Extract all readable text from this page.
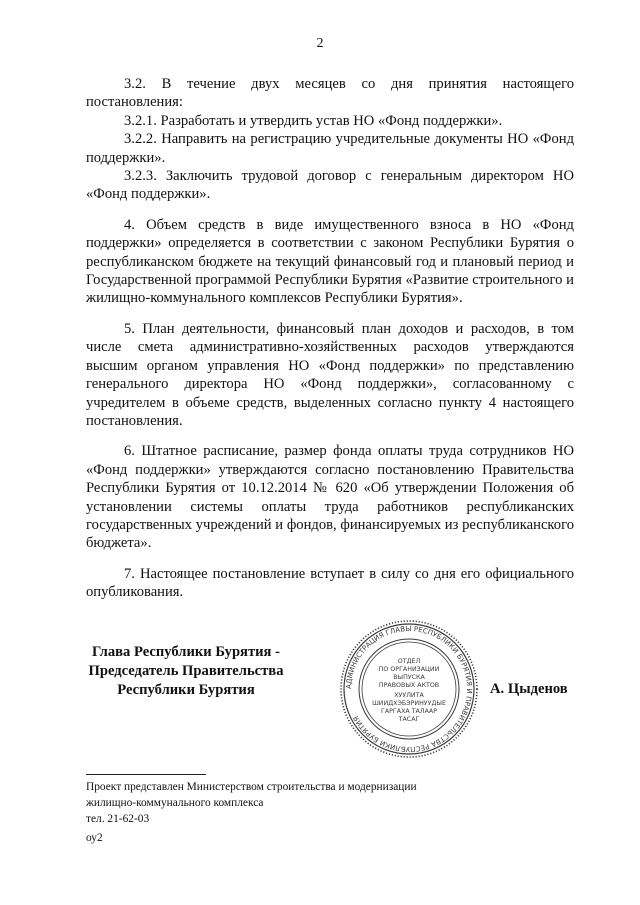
2

3.2. В течение двух месяцев со дня принятия настоящего постановления:

3.2.1. Разработать и утвердить устав НО «Фонд поддержки».

3.2.2. Направить на регистрацию учредительные документы НО «Фонд поддержки».

3.2.3. Заключить трудовой договор с генеральным директором НО «Фонд поддержки».

4. Объем средств в виде имущественного взноса в НО «Фонд поддержки» определяется в соответствии с законом Республики Бурятия о республиканском бюджете на текущий финансовый год и плановый период и Государственной программой Республики Бурятия «Развитие строительного и жилищно-коммунального комплексов Республики Бурятия».

5. План деятельности, финансовый план доходов и расходов, в том числе смета административно-хозяйственных расходов утверждаются высшим органом управления НО «Фонд поддержки» по представлению генерального директора НО «Фонд поддержки», согласованному с учредителем в объеме средств, выделенных согласно пункту 4 настоящего постановления.

6. Штатное расписание, размер фонда оплаты труда сотрудников НО «Фонд поддержки» утверждаются согласно постановлению Правительства Республики Бурятия от 10.12.2014 № 620 «Об утверждении Положения об установлении системы оплаты труда работников республиканских государственных учреждений и фондов, финансируемых из республиканского бюджета».

7. Настоящее постановление вступает в силу со дня его официального опубликования.

Глава Республики Бурятия -
Председатель Правительства
Республики Бурятия	АДМИНИСТРАЦИЯ ГЛАВЫ РЕСПУБЛИКИ БУРЯТИЯ И ПРАВИТЕЛЬСТВА РЕСПУБЛИКИ БУРЯТИЯ
ОТДЕЛ
ПО ОРГАНИЗАЦИИ
ВЫПУСКА
ПРАВОВЫХ АКТОВ
ХУУЛИТА
ШИИДХЭБЭРИНУУДЫЕ
ГАРГАХА ТАЛААР
ТАСАГ
А. Цыденов
Проект представлен Министерством строительства и модернизации
жилищно-коммунального комплекса
тел. 21-62-03
оу2
